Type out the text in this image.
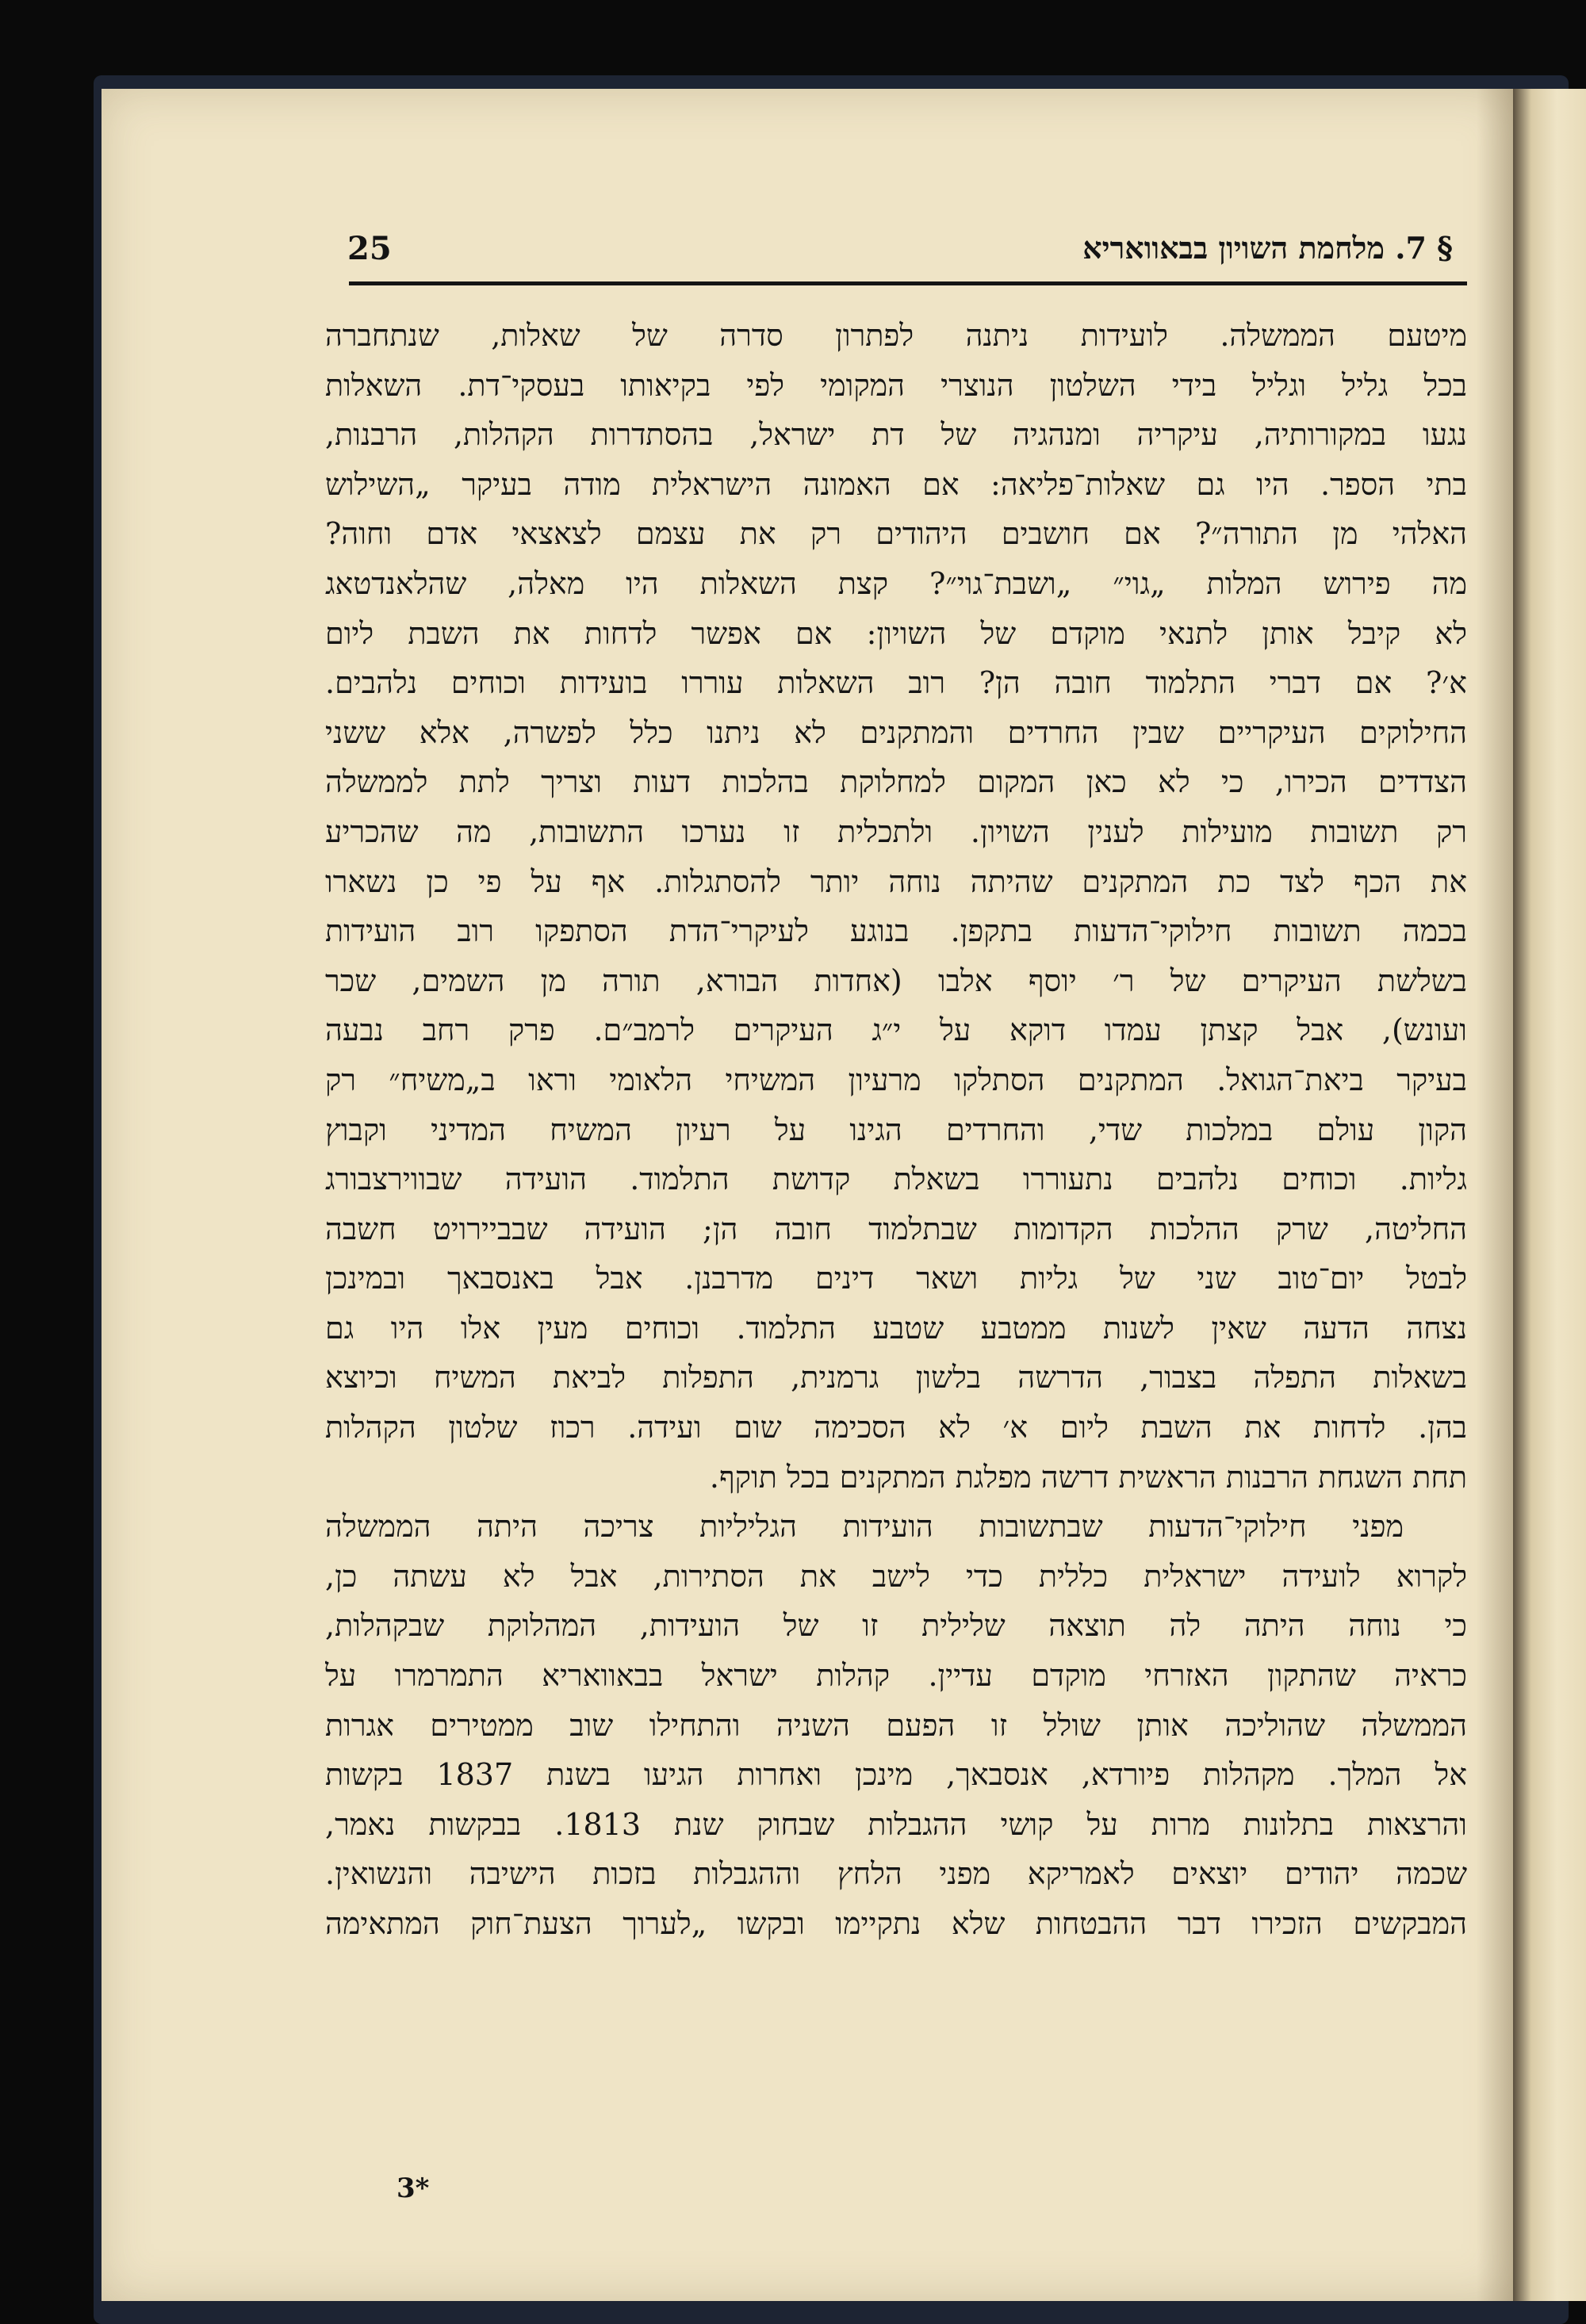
§ 7. מלחמת השויון בבאוואריא
25
מיטעם הממשלה. לועידות ניתנה לפתרון סדרה של שאלות, שנתחברה
בכל גליל וגליל בידי השלטון הנוצרי המקומי לפי בקיאותו בעסקי־דת. השאלות
נגעו במקורותיה, עיקריה ומנהגיה של דת ישראל, בהסתדרות הקהלות, הרבנות,
בתי הספר. היו גם שאלות־פליאה: אם האמונה הישראלית מודה בעיקר „השילוש
האלהי מן התורה״? אם חושבים היהודים רק את עצמם לצאצאי אדם וחוה?
מה פירוש המלות „גוי״ „ושבת־גוי״? קצת השאלות היו מאלה, שהלאנדטאג
לא קיבל אותן לתנאי מוקדם של השויון: אם אפשר לדחות את השבת ליום
א׳? אם דברי התלמוד חובה הן? רוב השאלות עוררו בועידות וכוחים נלהבים.
החילוקים העיקריים שבין החרדים והמתקנים לא ניתנו כלל לפשרה, אלא ששני
הצדדים הכירו, כי לא כאן המקום למחלוקת בהלכות דעות וצריך לתת לממשלה
רק תשובות מועילות לענין השויון. ולתכלית זו נערכו התשובות, מה שהכריע
את הכף לצד כת המתקנים שהיתה נוחה יותר להסתגלות. אף על פי כן נשארו
בכמה תשובות חילוקי־הדעות בתקפן. בנוגע לעיקרי־הדת הסתפקו רוב הועידות
בשלשת העיקרים של ר׳ יוסף אלבו (אחדות הבורא, תורה מן השמים, שכר
ועונש), אבל קצתן עמדו דוקא על י״ג העיקרים לרמב״ם. פרק רחב נבעה
בעיקר ביאת־הגואל. המתקנים הסתלקו מרעיון המשיחי הלאומי וראו ב„משיח״ רק
הקון עולם במלכות שדי, והחרדים הגינו על רעיון המשיח המדיני וקבוץ
גליות. וכוחים נלהבים נתעוררו בשאלת קדושת התלמוד. הועידה שבווירצבורג
החליטה, שרק ההלכות הקדומות שבתלמוד חובה הן; הועידה שבביירויט חשבה
לבטל יום־טוב שני של גליות ושאר דינים מדרבנן. אבל באנסבאך ובמינכן
נצחה הדעה שאין לשנות ממטבע שטבע התלמוד. וכוחים מעין אלו היו גם
בשאלות התפלה בצבור, הדרשה בלשון גרמנית, התפלות לביאת המשיח וכיוצא
בהן. לדחות את השבת ליום א׳ לא הסכימה שום ועידה. רכוז שלטון הקהלות
תחת השגחת הרבנות הראשית דרשה מפלגת המתקנים בכל תוקף.
מפני חילוקי־הדעות שבתשובות הועידות הגליליות צריכה היתה הממשלה
לקרוא לועידה ישראלית כללית כדי לישב את הסתירות, אבל לא עשתה כן,
כי נוחה היתה לה תוצאה שלילית זו של הועידות, המהלוקת שבקהלות,
כראיה שהתקון האזרחי מוקדם עדיין. קהלות ישראל בבאוואריא התמרמרו על
הממשלה שהוליכה אותן שולל זו הפעם השניה והתחילו שוב ממטירים אגרות
אל המלך. מקהלות פיורדא, אנסבאך, מינכן ואחרות הגיעו בשנת 1837 בקשות
והרצאות בתלונות מרות על קושי ההגבלות שבחוק שנת 1813. בבקשות נאמר,
שכמה יהודים יוצאים לאמריקא מפני הלחץ וההגבלות בזכות הישיבה והנשואין.
המבקשים הזכירו דבר ההבטחות שלא נתקיימו ובקשו „לערוך הצעת־חוק המתאימה
3*
